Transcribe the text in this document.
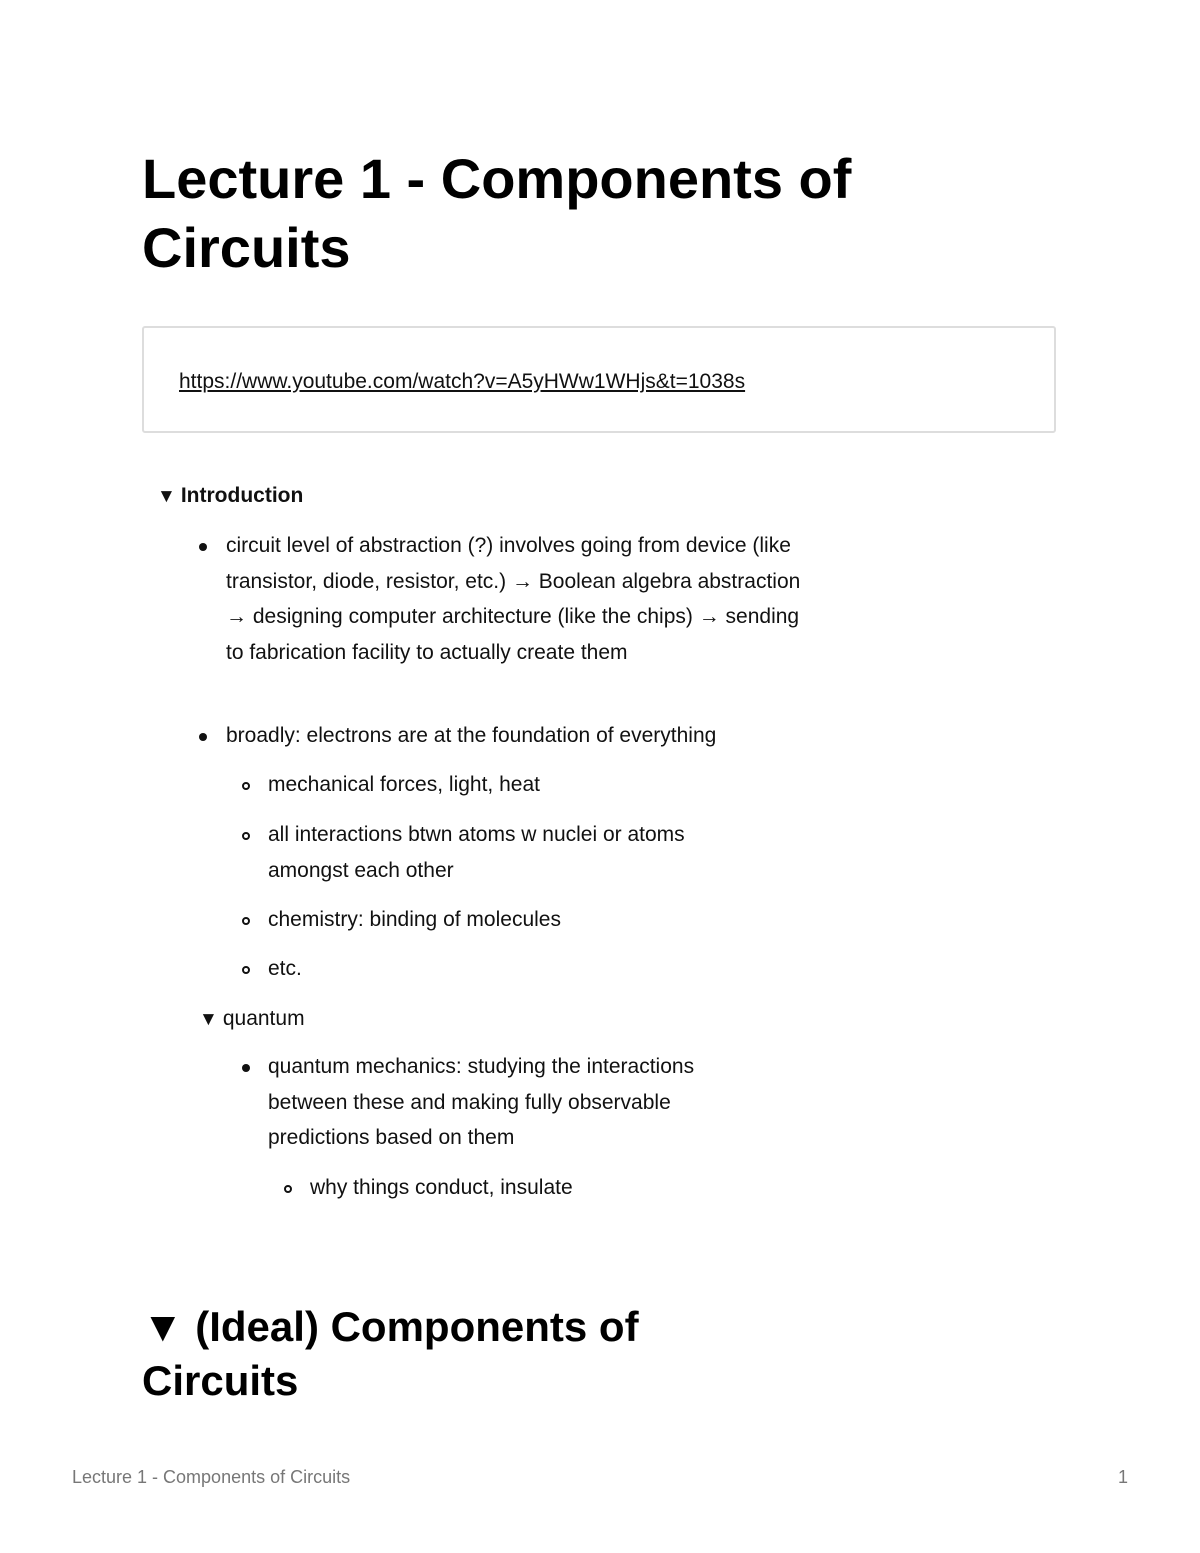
Lecture 1 - Components of Circuits
https://www.youtube.com/watch?v=A5yHWw1WHjs&t=1038s
▼ Introduction
circuit level of abstraction (?) involves going from device (like transistor, diode, resistor, etc.) → Boolean algebra abstraction → designing computer architecture (like the chips) → sending to fabrication facility to actually create them
broadly: electrons are at the foundation of everything
mechanical forces, light, heat
all interactions btwn atoms w nuclei or atoms amongst each other
chemistry: binding of molecules
etc.
▼ quantum
quantum mechanics: studying the interactions between these and making fully observable predictions based on them
why things conduct, insulate
▼ (Ideal) Components of Circuits
Lecture 1 - Components of Circuits	1
